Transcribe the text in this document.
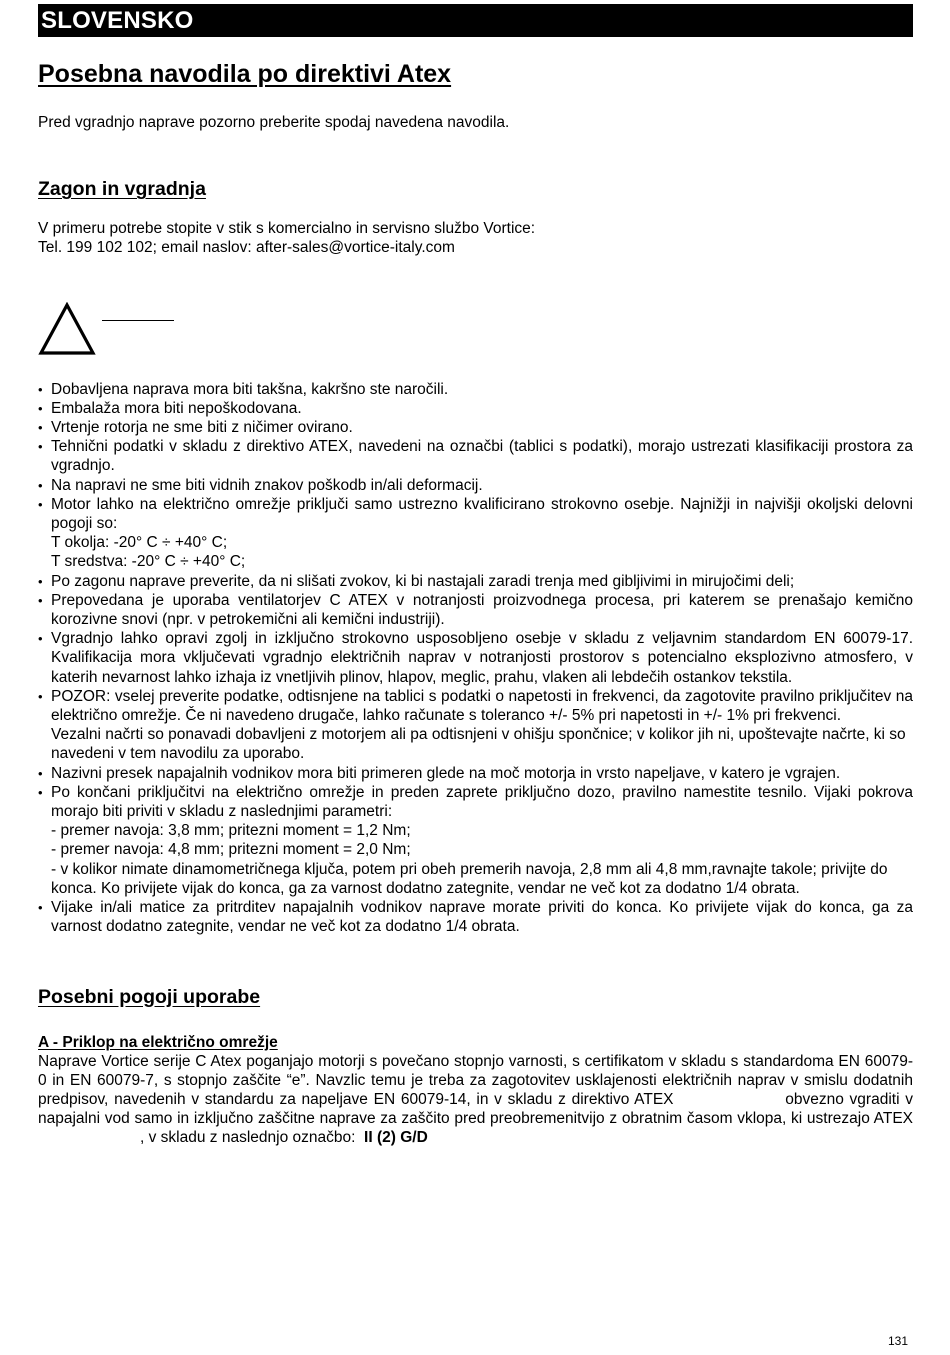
SLOVENSKO
Posebna navodila po direktivi Atex

Pred vgradnjo naprave pozorno preberite spodaj navedena navodila.

Zagon in vgradnja

V primeru potrebe stopite v stik s komercialno in servisno službo Vortice:
Tel. 199 102 102; email naslov: after-sales@vortice-italy.com

• Dobavljena naprava mora biti takšna, kakršno ste naročili.
• Embalaža mora biti nepoškodovana.
• Vrtenje rotorja ne sme biti z ničimer ovirano.
• Tehnični podatki v skladu z direktivo ATEX, navedeni na označbi (tablici s podatki), morajo ustrezati klasifikaciji prostora za vgradnjo.
• Na napravi ne sme biti vidnih znakov poškodb in/ali deformacij.
• Motor lahko na električno omrežje priključi samo ustrezno kvalificirano strokovno osebje. Najnižji in najvišji okoljski delovni pogoji so:
T okolja: -20° C ÷ +40° C;
T sredstva: -20° C ÷ +40° C;
• Po zagonu naprave preverite, da ni slišati zvokov, ki bi nastajali zaradi trenja med gibljivimi in mirujočimi deli;
• Prepovedana je uporaba ventilatorjev C ATEX v notranjosti proizvodnega procesa, pri katerem se prenašajo kemično korozivne snovi (npr. v petrokemični ali kemični industriji).
• Vgradnjo lahko opravi zgolj in izključno strokovno usposobljeno osebje v skladu z veljavnim standardom EN 60079-17. Kvalifikacija mora vključevati vgradnjo električnih naprav v notranjosti prostorov s potencialno eksplozivno atmosfero, v katerih nevarnost lahko izhaja iz vnetljivih plinov, hlapov, meglic, prahu, vlaken ali lebdečih ostankov tekstila.
• POZOR: vselej preverite podatke, odtisnjene na tablici s podatki o napetosti in frekvenci, da zagotovite pravilno priključitev na električno omrežje. Če ni navedeno drugače, lahko računate s toleranco +/- 5% pri napetosti in +/- 1% pri frekvenci.
Vezalni načrti so ponavadi dobavljeni z motorjem ali pa odtisnjeni v ohišju spončnice; v kolikor jih ni, upoštevajte načrte, ki so navedeni v tem navodilu za uporabo.
• Nazivni presek napajalnih vodnikov mora biti primeren glede na moč motorja in vrsto napeljave, v katero je vgrajen.
• Po končani priključitvi na električno omrežje in preden zaprete priključno dozo, pravilno namestite tesnilo. Vijaki pokrova morajo biti priviti v skladu z naslednjimi parametri:
- premer navoja: 3,8 mm; pritezni moment = 1,2 Nm;
- premer navoja: 4,8 mm; pritezni moment = 2,0 Nm;
- v kolikor nimate dinamometričnega ključa, potem pri obeh premerih navoja, 2,8 mm ali 4,8 mm,ravnajte takole; privijte do konca. Ko privijete vijak do konca, ga za varnost dodatno zategnite, vendar ne več kot za dodatno 1/4 obrata.
• Vijake in/ali matice za pritrditev napajalnih vodnikov naprave morate priviti do konca. Ko privijete vijak do konca, ga za varnost dodatno zategnite, vendar ne več kot za dodatno 1/4 obrata.
Posebni pogoji uporabe
A - Priklop na električno omrežje

Naprave Vortice serije C Atex poganjajo motorji s povečano stopnjo varnosti, s certifikatom v skladu s standardoma EN 60079-0 in EN 60079-7, s stopnjo zaščite “e”. Navzlic temu je treba za zagotovitev usklajenosti električnih naprav v smislu dodatnih predpisov, navedenih v standardu za napeljave EN 60079-14, in v skladu z direktivo ATEX	obvezno vgraditi v napajalni vod samo in izključno zaščitne naprave za zaščito pred preobremenitvijo z obratnim časom vklopa, ki ustrezajo ATEX, v skladu z naslednjo označbo: II (2) G/D

131
